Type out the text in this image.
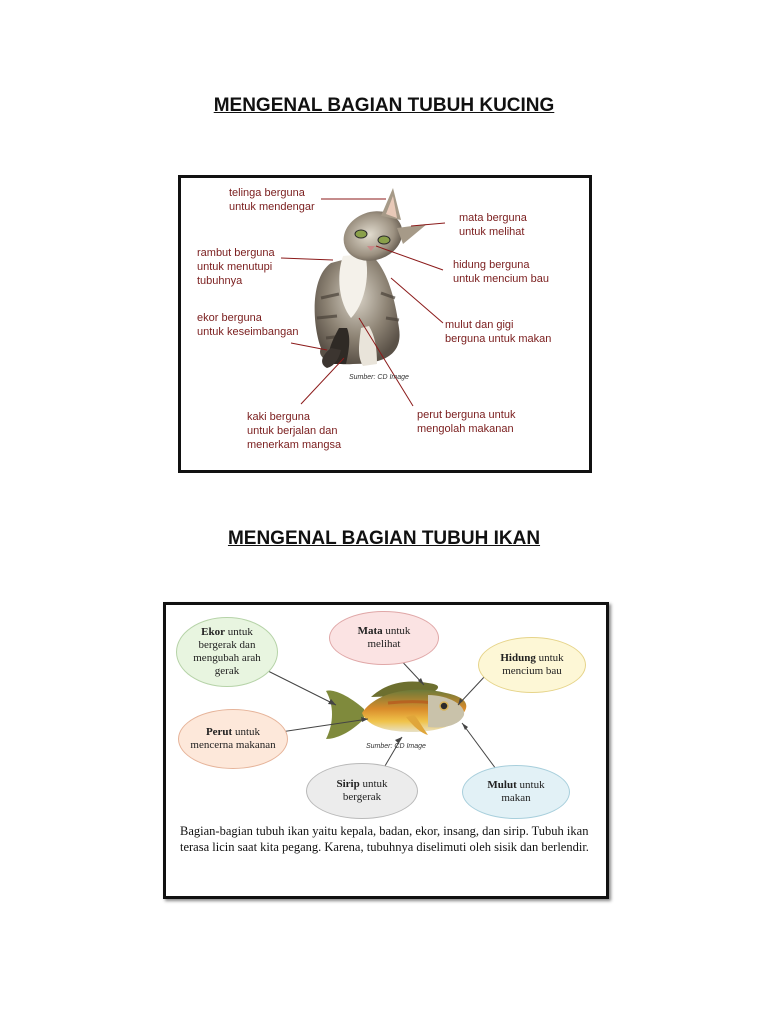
MENGENAL BAGIAN TUBUH KUCING
telinga berguna
untuk mendengar
mata berguna
untuk melihat
rambut berguna
untuk menutupi
tubuhnya
hidung berguna
untuk mencium bau
ekor berguna
untuk keseimbangan
mulut dan gigi
berguna untuk makan
kaki berguna
untuk berjalan dan
menerkam mangsa
perut berguna untuk
mengolah makanan
Sumber: CD Image
MENGENAL BAGIAN TUBUH IKAN
Ekor untuk bergerak dan mengubah arah gerak
Mata untuk melihat
Hidung untuk mencium bau
Perut untuk mencerna makanan
Sirip untuk bergerak
Mulut untuk makan
Sumber: CD Image
Bagian-bagian tubuh ikan yaitu kepala, badan, ekor, insang, dan sirip. Tubuh ikan terasa licin saat kita pegang. Karena, tubuhnya diselimuti oleh sisik dan berlendir.
